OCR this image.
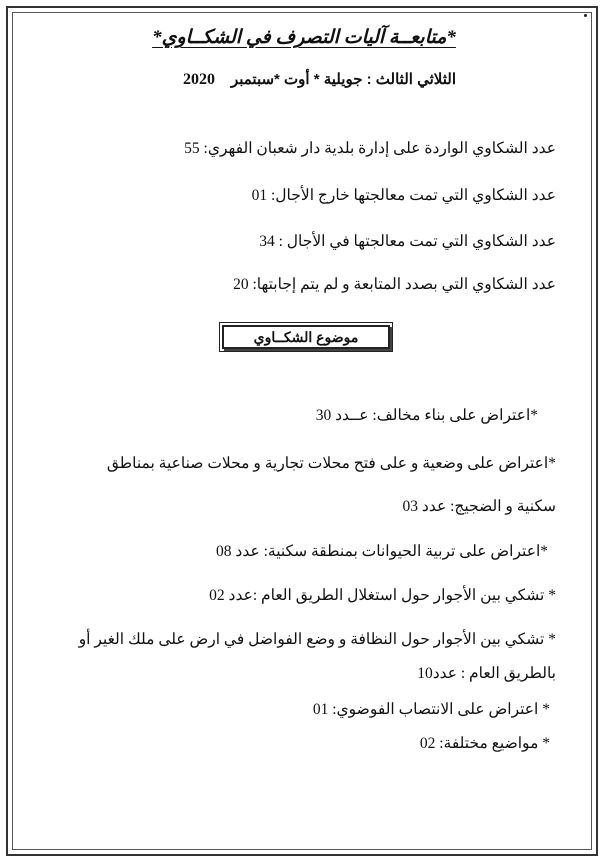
*متابعــة آليات التصرف في الشكــاوي*
الثلاثي الثالث : جويلية * أوت *سبتمبر2020
عدد الشكاوي الواردة على إدارة بلدية دار شعبان الفهري: 55
عدد الشكاوي التي تمت معالجتها خارج الأجال: 01
عدد الشكاوي التي تمت معالجتها في الأجال : 34
عدد الشكاوي التي بصدد المتابعة و لم يتم إجابتها: 20
موضوع الشكــاوي
*اعتراض على بناء مخالف: عــدد 30
*اعتراض على وضعية و على فتح محلات تجارية و محلات صناعية بمناطق
سكنية و الضجيج: عدد 03
*اعتراض على تربية الحيوانات بمنطقة سكنية: عدد 08
* تشكي بين الأجوار حول استغلال الطريق العام :عدد 02
* تشكي بين الأجوار حول النظافة و وضع الفواضل في ارض على ملك الغير أو
بالطريق العام : عدد10
* اعتراض على الانتصاب الفوضوي: 01
* مواضيع مختلفة: 02
